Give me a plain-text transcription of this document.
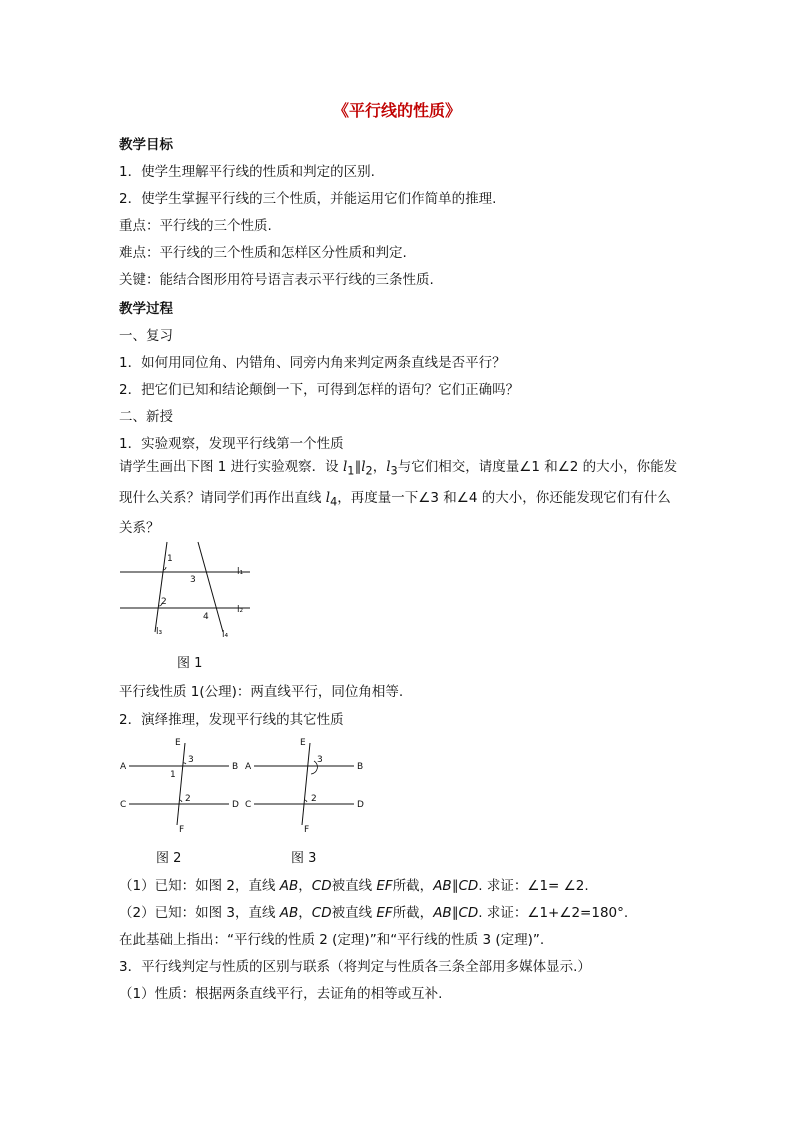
《平行线的性质》

教学目标

1．使学生理解平行线的性质和判定的区别.

2．使学生掌握平行线的三个性质，并能运用它们作简单的推理.

重点：平行线的三个性质.

难点：平行线的三个性质和怎样区分性质和判定.

关键：能结合图形用符号语言表示平行线的三条性质.

教学过程

一、复习

1．如何用同位角、内错角、同旁内角来判定两条直线是否平行？

2．把它们已知和结论颠倒一下，可得到怎样的语句？它们正确吗？

二、新授

1．实验观察，发现平行线第一个性质

请学生画出下图 1 进行实验观察．设 $l_1\parallel l_2$，$l_3$与它们相交，请度量∠1 和∠2 的大小，你能发现什么关系？请同学们再作出直线 $l_4$，再度量一下∠3 和∠4 的大小，你还能发现它们有什么关系？

1
3
2
4
l₁
l₂
l₃	l₄

图 1

平行线性质 1(公理)：两直线平行，同位角相等.

2．演绎推理，发现平行线的其它性质

E
A	B
C	D
F
3
1
2

图 2

E
A	B
C	D
F
3
2

图 3

（1）已知：如图 2，直线 AB，CD被直线 EF所截，AB∥CD. 求证：∠1= ∠2.

（2）已知：如图 3，直线 AB，CD被直线 EF所截，AB∥CD. 求证：∠1+∠2=180°.

在此基础上指出：“平行线的性质 2 (定理)”和“平行线的性质 3 (定理)”.

3．平行线判定与性质的区别与联系（将判定与性质各三条全部用多媒体显示.）

（1）性质：根据两条直线平行，去证角的相等或互补.
